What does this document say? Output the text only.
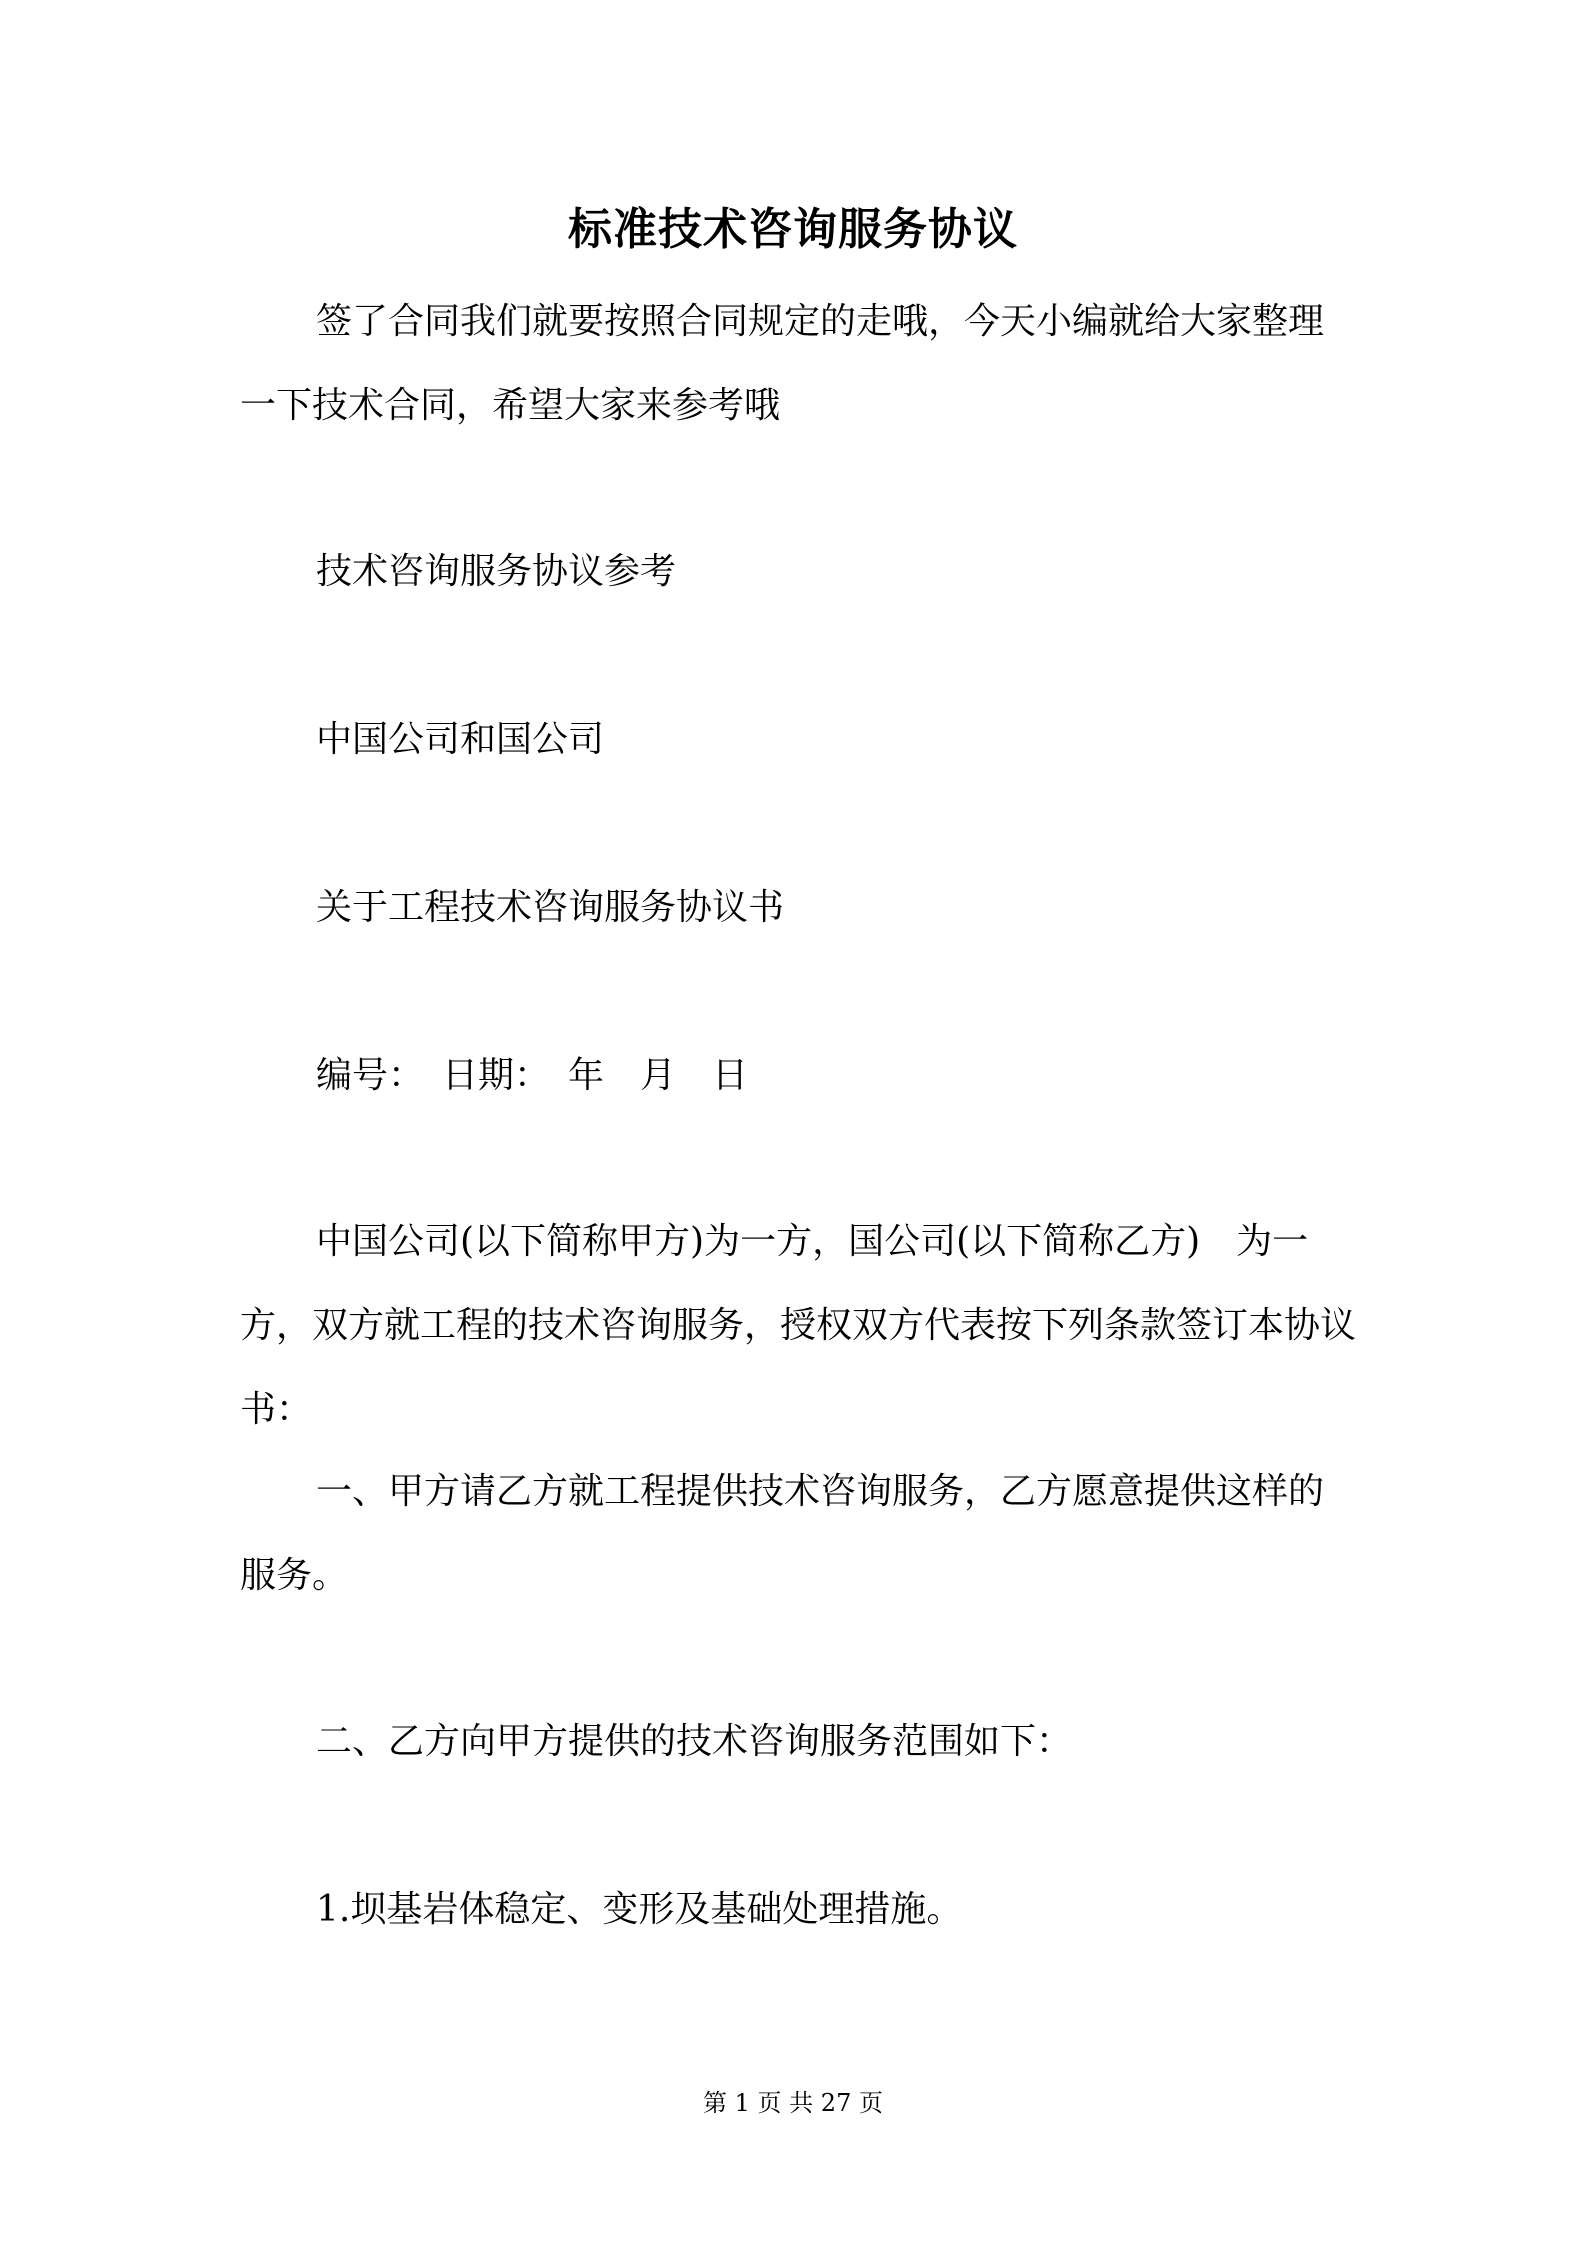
标准技术咨询服务协议
签了合同我们就要按照合同规定的走哦，今天小编就给大家整理一下技术合同，希望大家来参考哦
技术咨询服务协议参考
中国公司和国公司
关于工程技术咨询服务协议书
编号：　日期：　年　月　日
中国公司(以下简称甲方)为一方，国公司(以下简称乙方)　为一方，双方就工程的技术咨询服务，授权双方代表按下列条款签订本协议书：
一、甲方请乙方就工程提供技术咨询服务，乙方愿意提供这样的服务。
二、乙方向甲方提供的技术咨询服务范围如下：
1.坝基岩体稳定、变形及基础处理措施。
第 1 页 共 27 页
